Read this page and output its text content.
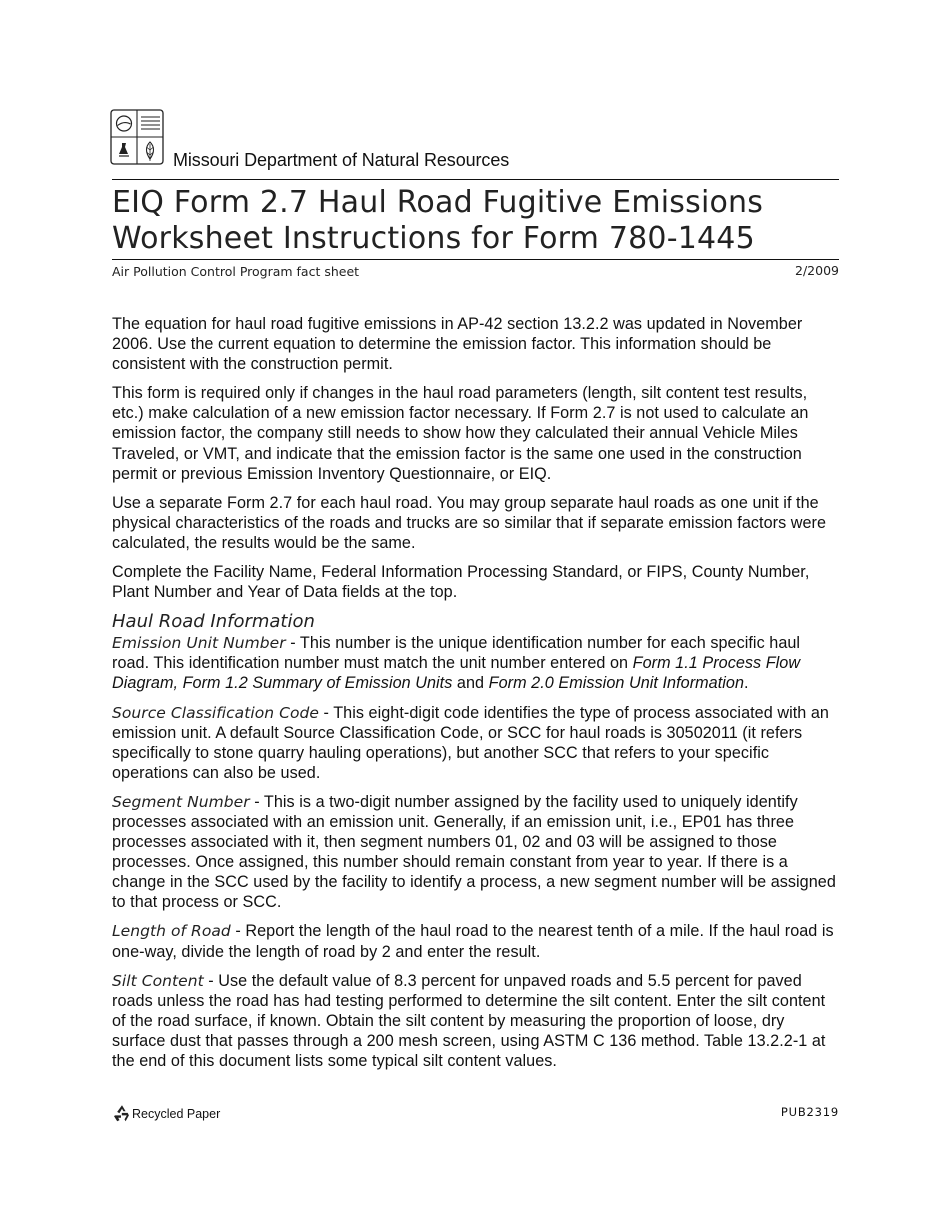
Missouri Department of Natural Resources
EIQ Form 2.7 Haul Road Fugitive Emissions
Worksheet Instructions for Form 780-1445
Air Pollution Control Program fact sheet	2/2009

The equation for haul road fugitive emissions in AP-42 section 13.2.2 was updated in November 2006. Use the current equation to determine the emission factor. This information should be consistent with the construction permit.

This form is required only if changes in the haul road parameters (length, silt content test results, etc.) make calculation of a new emission factor necessary. If Form 2.7 is not used to calculate an emission factor, the company still needs to show how they calculated their annual Vehicle Miles Traveled, or VMT, and indicate that the emission factor is the same one used in the construction permit or previous Emission Inventory Questionnaire, or EIQ.

Use a separate Form 2.7 for each haul road. You may group separate haul roads as one unit if the physical characteristics of the roads and trucks are so similar that if separate emission factors were calculated, the results would be the same.

Complete the Facility Name, Federal Information Processing Standard, or FIPS, County Number, Plant Number and Year of Data fields at the top.

Haul Road Information

Emission Unit Number - This number is the unique identification number for each specific haul road. This identification number must match the unit number entered on Form 1.1 Process Flow Diagram, Form 1.2 Summary of Emission Units and Form 2.0 Emission Unit Information.

Source Classification Code - This eight-digit code identifies the type of process associated with an emission unit. A default Source Classification Code, or SCC for haul roads is 30502011 (it refers specifically to stone quarry hauling operations), but another SCC that refers to your specific operations can also be used.

Segment Number - This is a two-digit number assigned by the facility used to uniquely identify processes associated with an emission unit. Generally, if an emission unit, i.e., EP01 has three processes associated with it, then segment numbers 01, 02 and 03 will be assigned to those processes. Once assigned, this number should remain constant from year to year. If there is a change in the SCC used by the facility to identify a process, a new segment number will be assigned to that process or SCC.

Length of Road - Report the length of the haul road to the nearest tenth of a mile. If the haul road is one-way, divide the length of road by 2 and enter the result.

Silt Content - Use the default value of 8.3 percent for unpaved roads and 5.5 percent for paved roads unless the road has had testing performed to determine the silt content. Enter the silt content of the road surface, if known. Obtain the silt content by measuring the proportion of loose, dry surface dust that passes through a 200 mesh screen, using ASTM C 136 method. Table 13.2.2-1 at the end of this document lists some typical silt content values.

Recycled Paper	PUB2319
